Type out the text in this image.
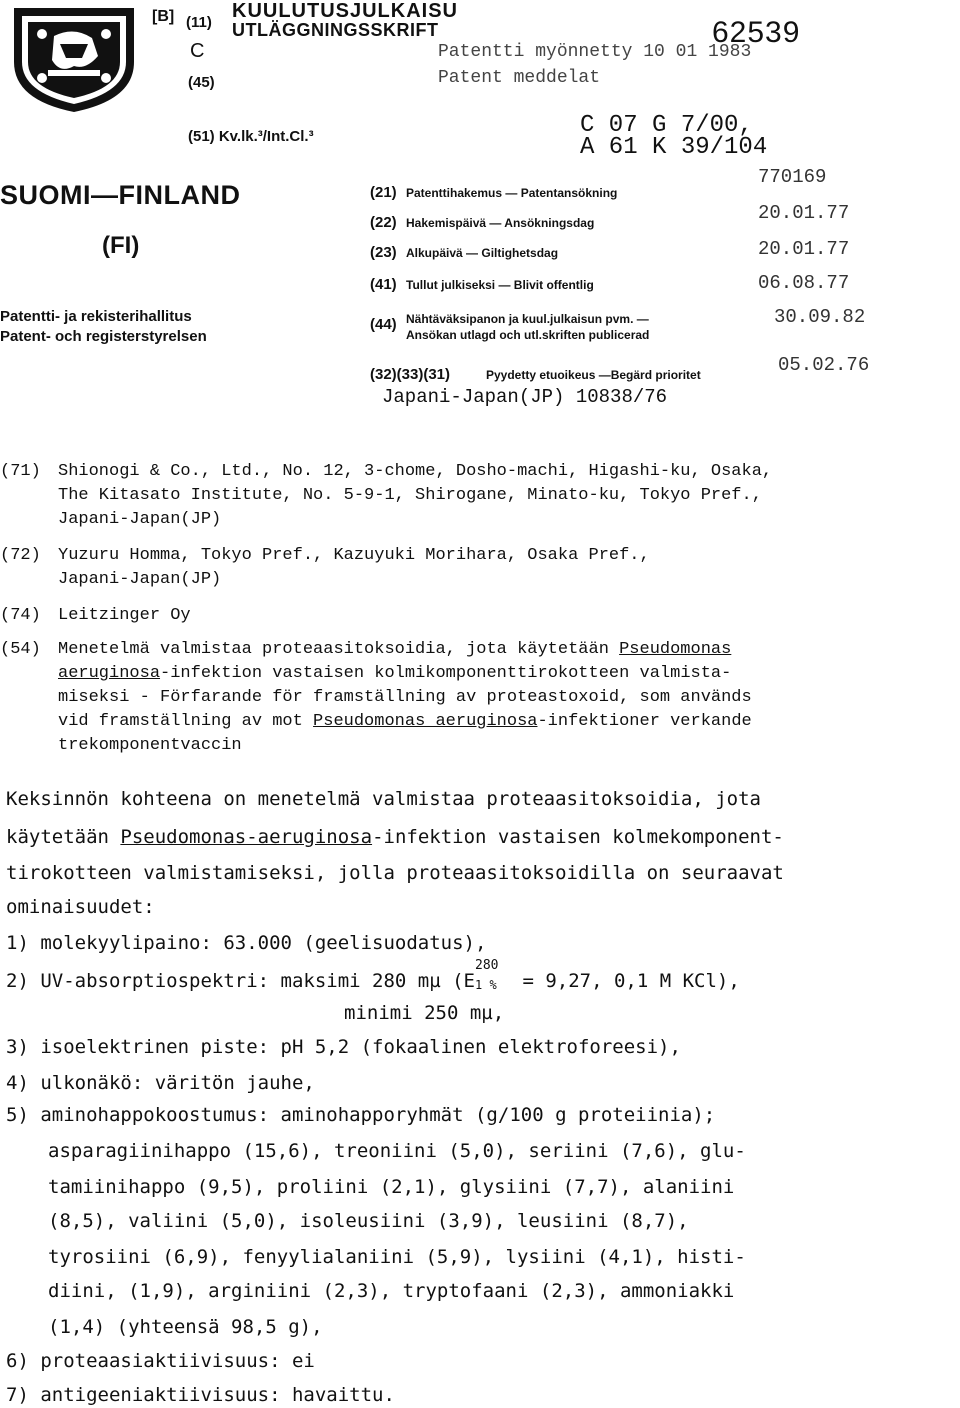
[B] (11)
KUULUTUSJULKAISU
UTLÄGGNINGSSKRIFT	62539
C	Patentti myönnetty 10 01 1983
(45)	Patent meddelat
(51) Kv.lk.³/Int.Cl.³	C 07 G 7/00,
A 61 K 39/104
SUOMI—FINLAND
(FI)
Patentti- ja rekisterihallitus
Patent- och registerstyrelsen
(21) Patenttihakemus — Patentansökning
770169
(22) Hakemispäivä — Ansökningsdag	20.01.77
(23) Alkupäivä — Giltighetsdag	20.01.77
(41) Tullut julkiseksi — Blivit offentlig	06.08.77
(44) Nähtäväksipanon ja kuul.julkaisun pvm. —
Ansökan utlagd och utl.skriften publicerad
30.09.82
(32)(33)(31)	Pyydetty etuoikeus —Begärd prioritet	05.02.76
Japani-Japan(JP) 10838/76
(71) Shionogi & Co., Ltd., No. 12, 3-chome, Dosho-machi, Higashi-ku, Osaka,
The Kitasato Institute, No. 5-9-1, Shirogane, Minato-ku, Tokyo Pref.,
Japani-Japan(JP)
(72) Yuzuru Homma, Tokyo Pref., Kazuyuki Morihara, Osaka Pref.,
Japani-Japan(JP)
(74) Leitzinger Oy
(54) Menetelmä valmistaa proteaasitoksoidia, jota käytetään Pseudomonas
aeruginosa-infektion vastaisen kolmikomponenttirokotteen valmista-
miseksi - Förfarande för framställning av proteastoxoid, som används
vid framställning av mot Pseudomonas aeruginosa-infektioner verkande
trekomponentvaccin
Keksinnön kohteena on menetelmä valmistaa proteaasitoksoidia, jota
käytetään Pseudomonas-aeruginosa-infektion vastaisen kolmekomponent-
tirokotteen valmistamiseksi, jolla proteaasitoksoidilla on seuraavat
ominaisuudet:
1) molekyylipaino: 63.000 (geelisuodatus),
2) UV-absorptiospektri: maksimi 280 mµ (E
280
1 % = 9,27, 0,1 M KCl),
minimi 250 mµ,
3) isoelektrinen piste: pH 5,2 (fokaalinen elektroforeesi),
4) ulkonäkö: väritön jauhe,
5) aminohappokoostumus: aminohapporyhmät (g/100 g proteiinia);
asparagiinihappo (15,6), treoniini (5,0), seriini (7,6), glu-
tamiinihappo (9,5), proliini (2,1), glysiini (7,7), alaniini
(8,5), valiini (5,0), isoleusiini (3,9), leusiini (8,7),
tyrosiini (6,9), fenyylialaniini (5,9), lysiini (4,1), histi-
diini, (1,9), arginiini (2,3), tryptofaani (2,3), ammoniakki
(1,4) (yhteensä 98,5 g),
6) proteaasiaktiivisuus: ei
7) antigeeniaktiivisuus: havaittu.
